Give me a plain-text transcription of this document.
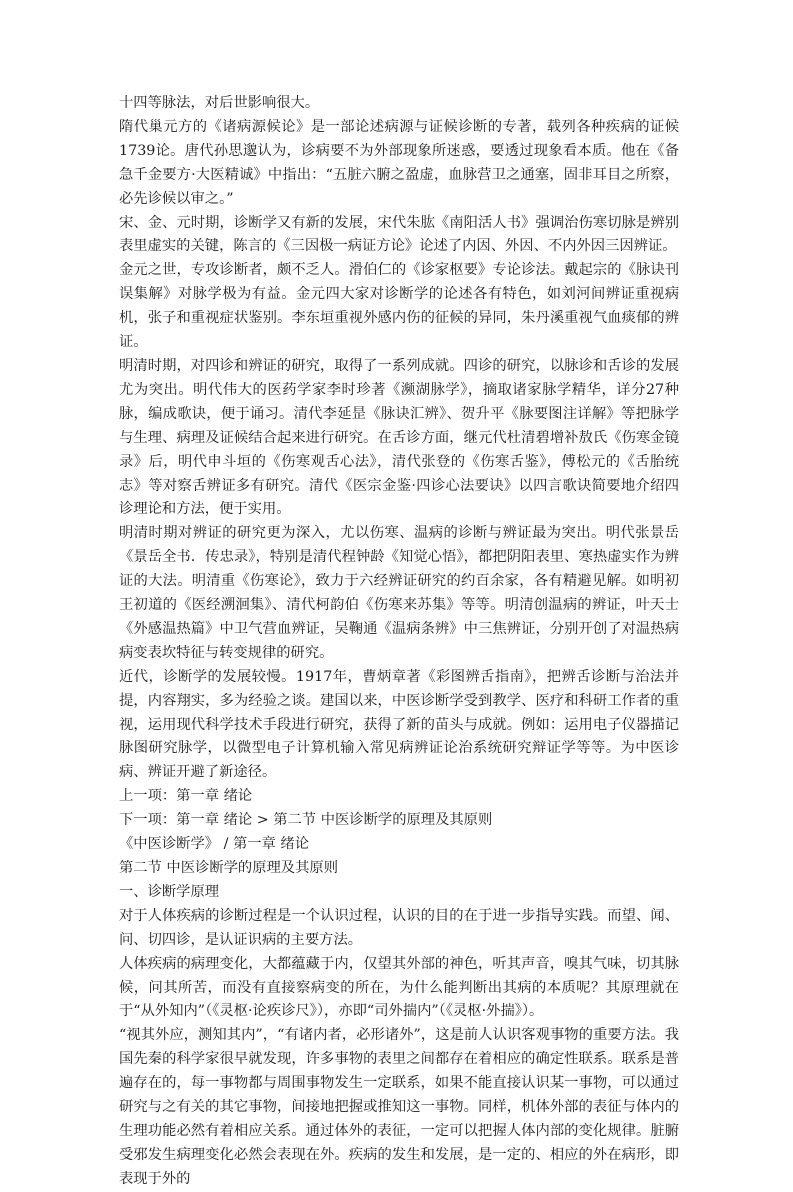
十四等脉法，对后世影响很大。

隋代巢元方的《诸病源候论》是一部论述病源与证候诊断的专著，载列各种疾病的证候1739论。唐代孙思邈认为，诊病要不为外部现象所迷惑，要透过现象看本质。他在《备急千金要方·大医精诚》中指出：“五脏六腑之盈虚，血脉营卫之通塞，固非耳目之所察，必先诊候以审之。”

宋、金、元时期，诊断学又有新的发展，宋代朱肱《南阳活人书》强调治伤寒切脉是辨别表里虚实的关键，陈言的《三因极一病证方论》论述了内因、外因、不内外因三因辨证。

金元之世，专攻诊断者，颇不乏人。滑伯仁的《诊家枢要》专论诊法。戴起宗的《脉诀刊误集解》对脉学极为有益。金元四大家对诊断学的论述各有特色，如刘河间辨证重视病机，张子和重视症状鉴别。李东垣重视外感内伤的征候的异同，朱丹溪重视气血痰郁的辨证。

明清时期，对四诊和辨证的研究，取得了一系列成就。四诊的研究，以脉诊和舌诊的发展尤为突出。明代伟大的医药学家李时珍著《濒湖脉学》，摘取诸家脉学精华，详分27种脉，编成歌诀，便于诵习。清代李延昰《脉诀汇辨》、贺升平《脉要图注详解》等把脉学与生理、病理及证候结合起来进行研究。在舌诊方面，继元代杜清碧增补敖氏《伤寒金镜录》后，明代申斗垣的《伤寒观舌心法》，清代张登的《伤寒舌鉴》，傅松元的《舌胎统志》等对察舌辨证多有研究。清代《医宗金鉴·四诊心法要诀》以四言歌诀简要地介绍四诊理论和方法，便于实用。

明清时期对辨证的研究更为深入，尤以伤寒、温病的诊断与辨证最为突出。明代张景岳《景岳全书．传忠录》，特别是清代程钟龄《知觉心悟》，都把阴阳表里、寒热虚实作为辨证的大法。明清重《伤寒论》，致力于六经辨证研究的约百余家，各有精避见解。如明初王初道的《医经溯洄集》、清代柯韵伯《伤寒来苏集》等等。明清创温病的辨证，叶天士《外感温热篇》中卫气营血辨证，吴鞠通《温病条辨》中三焦辨证，分别开创了对温热病病变表坎特征与转变规律的研究。

近代，诊断学的发展较慢。1917年，曹炳章著《彩图辨舌指南》，把辨舌诊断与治法并提，内容翔实，多为经验之谈。建国以来，中医诊断学受到教学、医疗和科研工作者的重视，运用现代科学技术手段进行研究，获得了新的苗头与成就。例如：运用电子仪器描记脉图研究脉学，以微型电子计算机输入常见病辨证论治系统研究辩证学等等。为中医诊病、辨证开避了新途径。

上一项：第一章 绪论

下一项：第一章 绪论 > 第二节 中医诊断学的原理及其原则

《中医诊断学》 / 第一章 绪论

第二节 中医诊断学的原理及其原则

一、诊断学原理

对于人体疾病的诊断过程是一个认识过程，认识的目的在于进一步指导实践。而望、闻、问、切四诊，是认证识病的主要方法。

人体疾病的病理变化，大都蕴藏于内，仅望其外部的神色，听其声音，嗅其气味，切其脉候，问其所苦，而没有直接察病变的所在，为什么能判断出其病的本质呢？其原理就在于“从外知内”（《灵枢·论疾诊尺》），亦即“司外揣内”（《灵枢·外揣》）。

“视其外应，测知其内”，“有诸内者，必形诸外”，这是前人认识客观事物的重要方法。我国先秦的科学家很早就发现，许多事物的表里之间都存在着相应的确定性联系。联系是普遍存在的，每一事物都与周围事物发生一定联系，如果不能直接认识某一事物，可以通过研究与之有关的其它事物，间接地把握或推知这一事物。同样，机体外部的表征与体内的生理功能必然有着相应关系。通过体外的表征，一定可以把握人体内部的变化规律。脏腑受邪发生病理变化必然会表现在外。疾病的发生和发展，是一定的、相应的外在病形，即表现于外的
